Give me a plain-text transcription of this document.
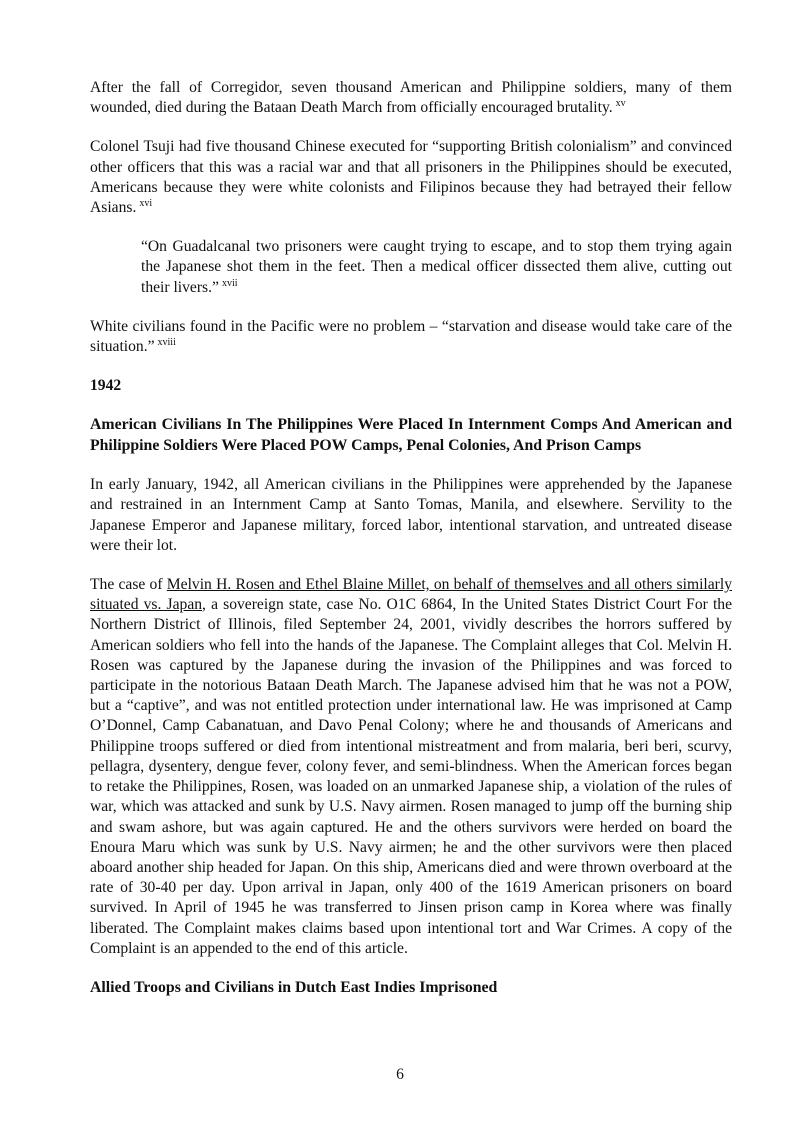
After the fall of Corregidor, seven thousand American and Philippine soldiers, many of them wounded, died during the Bataan Death March from officially encouraged brutality. $^{xv}$

Colonel Tsuji had five thousand Chinese executed for “supporting British colonialism” and convinced other officers that this was a racial war and that all prisoners in the Philippines should be executed, Americans because they were white colonists and Filipinos because they had betrayed their fellow Asians. $^{xvi}$

“On Guadalcanal two prisoners were caught trying to escape, and to stop them trying again the Japanese shot them in the feet. Then a medical officer dissected them alive, cutting out their livers.” $^{xvii}$

White civilians found in the Pacific were no problem – “starvation and disease would take care of the situation.” $^{xviii}$

1942

American Civilians In The Philippines Were Placed In Internment Comps And American and Philippine Soldiers Were Placed POW Camps, Penal Colonies, And Prison Camps

In early January, 1942, all American civilians in the Philippines were apprehended by the Japanese and restrained in an Internment Camp at Santo Tomas, Manila, and elsewhere. Servility to the Japanese Emperor and Japanese military, forced labor, intentional starvation, and untreated disease were their lot.

The case of Melvin H. Rosen and Ethel Blaine Millet, on behalf of themselves and all others similarly situated vs. Japan, a sovereign state, case No. O1C 6864, In the United States District Court For the Northern District of Illinois, filed September 24, 2001, vividly describes the horrors suffered by American soldiers who fell into the hands of the Japanese. The Complaint alleges that Col. Melvin H. Rosen was captured by the Japanese during the invasion of the Philippines and was forced to participate in the notorious Bataan Death March. The Japanese advised him that he was not a POW, but a “captive”, and was not entitled protection under international law. He was imprisoned at Camp O’Donnel, Camp Cabanatuan, and Davo Penal Colony; where he and thousands of Americans and Philippine troops suffered or died from intentional mistreatment and from malaria, beri beri, scurvy, pellagra, dysentery, dengue fever, colony fever, and semi-blindness. When the American forces began to retake the Philippines, Rosen, was loaded on an unmarked Japanese ship, a violation of the rules of war, which was attacked and sunk by U.S. Navy airmen. Rosen managed to jump off the burning ship and swam ashore, but was again captured. He and the others survivors were herded on board the Enoura Maru which was sunk by U.S. Navy airmen; he and the other survivors were then placed aboard another ship headed for Japan. On this ship, Americans died and were thrown overboard at the rate of 30-40 per day. Upon arrival in Japan, only 400 of the 1619 American prisoners on board survived. In April of 1945 he was transferred to Jinsen prison camp in Korea where was finally liberated. The Complaint makes claims based upon intentional tort and War Crimes. A copy of the Complaint is an appended to the end of this article.

Allied Troops and Civilians in Dutch East Indies Imprisoned

6
